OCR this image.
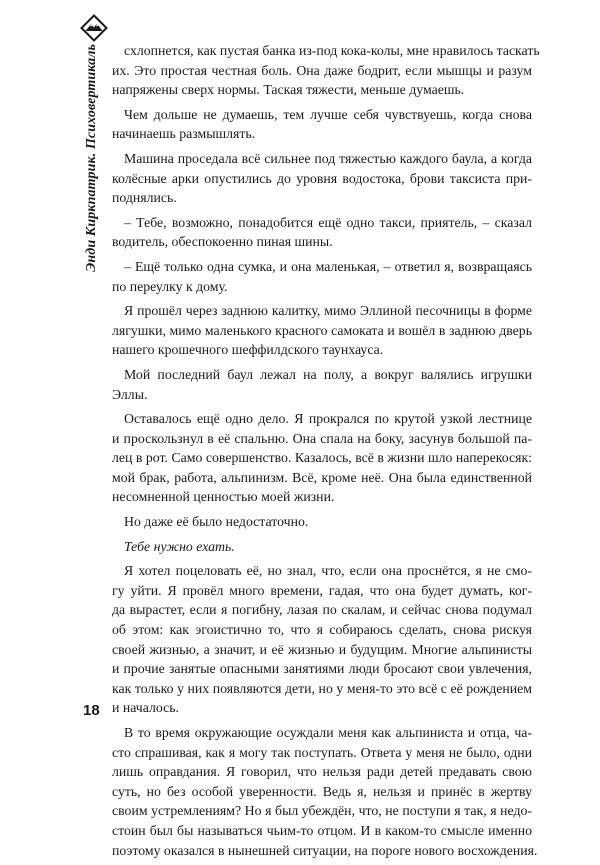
Энди Киркпатрик. Психовертикаль	схлопнется, как пустая банка из-под кока-колы, мне нравилось таскать
их. Это простая честная боль. Она даже бодрит, если мышцы и разум
напряжены сверх нормы. Таская тяжести, меньше думаешь.
Чем дольше не думаешь, тем лучше себя чувствуешь, когда снова
начинаешь размышлять.
Машина проседала всё сильнее под тяжестью каждого баула, а когда
колёсные арки опустились до уровня водостока, брови таксиста при-
поднялись.
– Тебе, возможно, понадобится ещё одно такси, приятель, – сказал
водитель, обеспокоенно пиная шины.
– Ещё только одна сумка, и она маленькая, – ответил я, возвращаясь
по переулку к дому.
Я прошёл через заднюю калитку, мимо Эллиной песочницы в форме
лягушки, мимо маленького красного самоката и вошёл в заднюю дверь
нашего крошечного шеффилдского таунхауса.
Мой последний баул лежал на полу, а вокруг валялись игрушки
Эллы.
Оставалось ещё одно дело. Я прокрался по крутой узкой лестнице
и проскользнул в её спальню. Она спала на боку, засунув большой па-
лец в рот. Само совершенство. Казалось, всё в жизни шло наперекосяк:
мой брак, работа, альпинизм. Всё, кроме неё. Она была единственной
несомненной ценностью моей жизни.
Но даже её было недостаточно.
Тебе нужно ехать.
Я хотел поцеловать её, но знал, что, если она проснётся, я не смо-
гу уйти. Я провёл много времени, гадая, что она будет думать, ког-
да вырастет, если я погибну, лазая по скалам, и сейчас снова подумал
об этом: как эгоистично то, что я собираюсь сделать, снова рискуя
своей жизнью, а значит, и её жизнью и будущим. Многие альпинисты
и прочие занятые опасными занятиями люди бросают свои увлечения,
как только у них появляются дети, но у меня-то это всё с её рождением
и началось.
В то время окружающие осуждали меня как альпиниста и отца, ча-
сто спрашивая, как я могу так поступать. Ответа у меня не было, одни
лишь оправдания. Я говорил, что нельзя ради детей предавать свою
суть, но без особой уверенности. Ведь я, нельзя и принёс в жертву
своим устремлениям? Но я был убеждён, что, не поступи я так, я недо-
стоин был бы называться чьим-то отцом. И в каком-то смысле именно
поэтому оказался в нынешней ситуации, на пороге нового восхождения.
18
